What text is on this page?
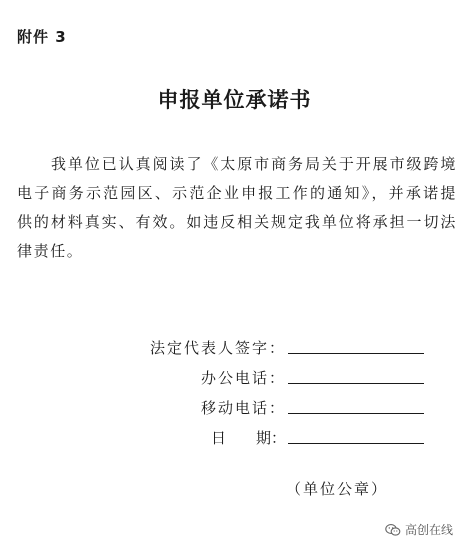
附件 3
申报单位承诺书

我单位已认真阅读了《太原市商务局关于开展市级跨境电子商务示范园区、示范企业申报工作的通知》，并承诺提供的材料真实、有效。如违反相关规定我单位将承担一切法律责任。

法定代表人签字：
办公电话：
移动电话：
日　　期：
（单位公章）
高创在线
